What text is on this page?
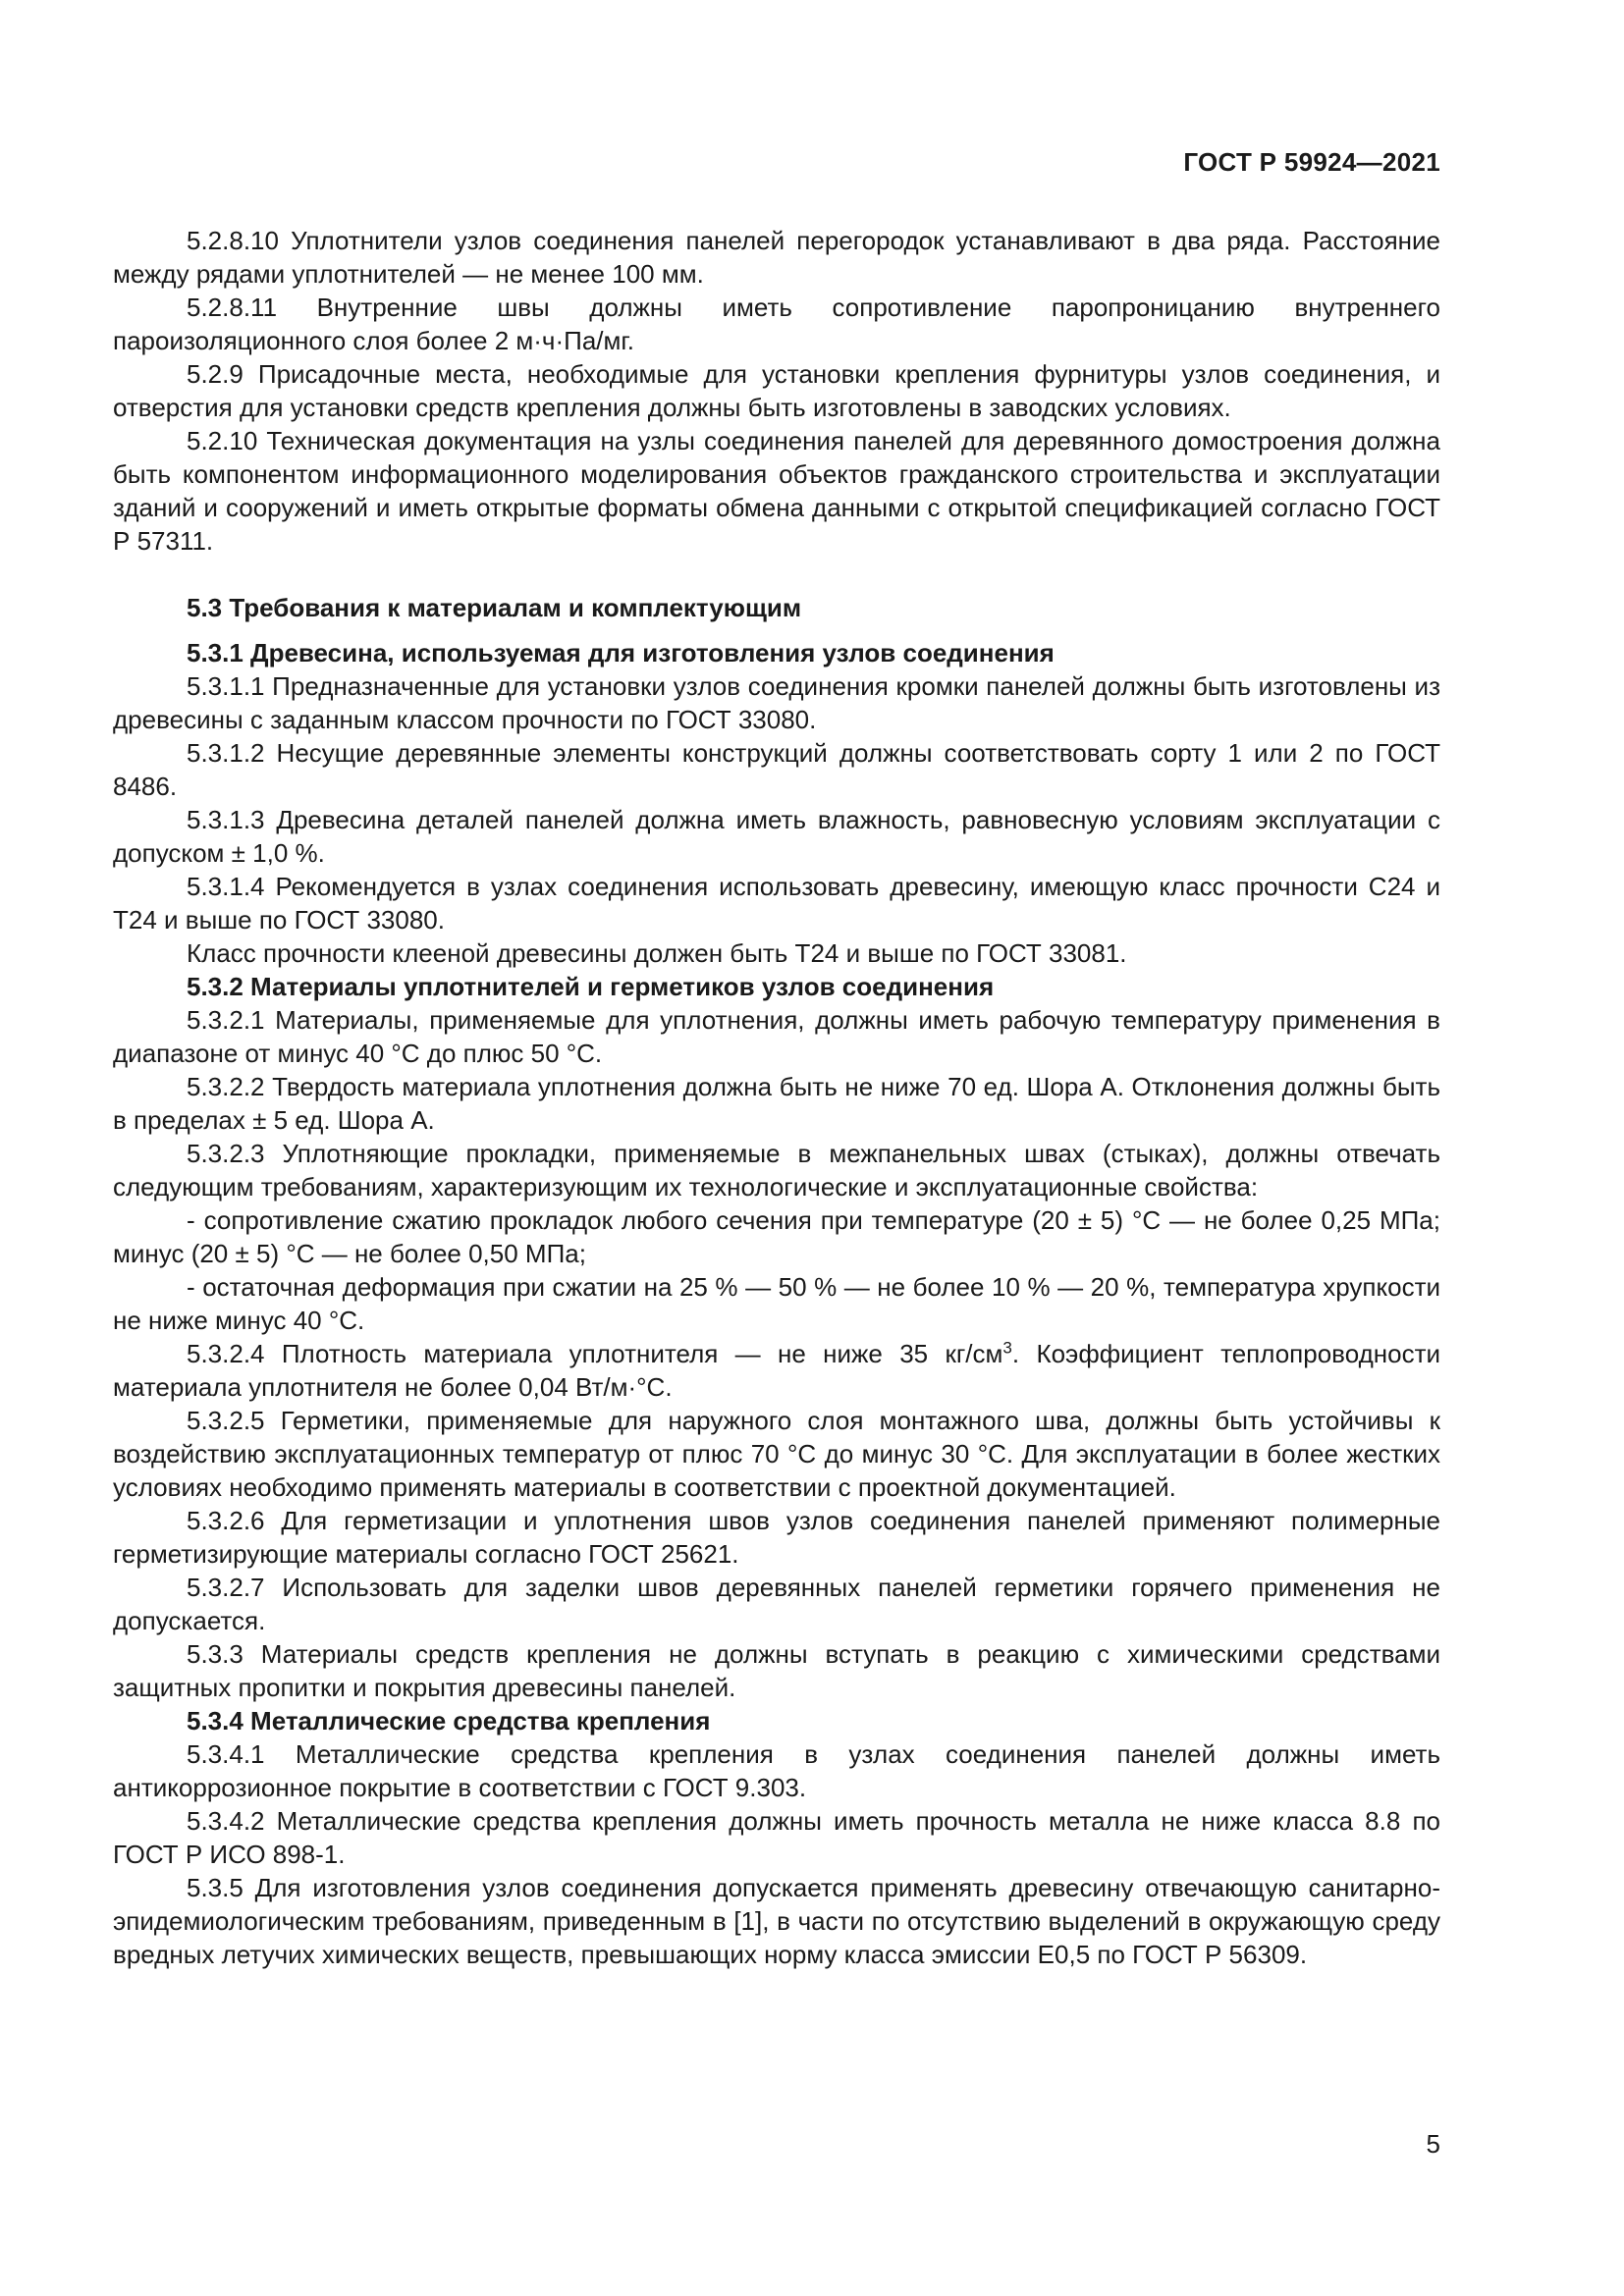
ГОСТ Р 59924—2021

5.2.8.10 Уплотнители узлов соединения панелей перегородок устанавливают в два ряда. Расстояние между рядами уплотнителей — не менее 100 мм.

5.2.8.11 Внутренние швы должны иметь сопротивление паропроницанию внутреннего пароизоляционного слоя более 2 м·ч·Па/мг.

5.2.9 Присадочные места, необходимые для установки крепления фурнитуры узлов соединения, и отверстия для установки средств крепления должны быть изготовлены в заводских условиях.

5.2.10 Техническая документация на узлы соединения панелей для деревянного домостроения должна быть компонентом информационного моделирования объектов гражданского строительства и эксплуатации зданий и сооружений и иметь открытые форматы обмена данными с открытой спецификацией согласно ГОСТ Р 57311.

5.3 Требования к материалам и комплектующим

5.3.1 Древесина, используемая для изготовления узлов соединения

5.3.1.1 Предназначенные для установки узлов соединения кромки панелей должны быть изготовлены из древесины с заданным классом прочности по ГОСТ 33080.

5.3.1.2 Несущие деревянные элементы конструкций должны соответствовать сорту 1 или 2 по ГОСТ 8486.

5.3.1.3 Древесина деталей панелей должна иметь влажность, равновесную условиям эксплуатации с допуском ± 1,0 %.

5.3.1.4 Рекомендуется в узлах соединения использовать древесину, имеющую класс прочности С24 и Т24 и выше по ГОСТ 33080.

Класс прочности клееной древесины должен быть Т24 и выше по ГОСТ 33081.

5.3.2 Материалы уплотнителей и герметиков узлов соединения

5.3.2.1 Материалы, применяемые для уплотнения, должны иметь рабочую температуру применения в диапазоне от минус 40 °С до плюс 50 °С.

5.3.2.2 Твердость материала уплотнения должна быть не ниже 70 ед. Шора А. Отклонения должны быть в пределах ± 5 ед. Шора А.

5.3.2.3 Уплотняющие прокладки, применяемые в межпанельных швах (стыках), должны отвечать следующим требованиям, характеризующим их технологические и эксплуатационные свойства:

- сопротивление сжатию прокладок любого сечения при температуре (20 ± 5) °С — не более 0,25 МПа; минус (20 ± 5) °С — не более 0,50 МПа;

- остаточная деформация при сжатии на 25 % — 50 % — не более 10 % — 20 %, температура хрупкости не ниже минус 40 °С.

5.3.2.4 Плотность материала уплотнителя — не ниже 35 $кг/см^3$. Коэффициент теплопроводности материала уплотнителя не более 0,04 Вт/м·°С.

5.3.2.5 Герметики, применяемые для наружного слоя монтажного шва, должны быть устойчивы к воздействию эксплуатационных температур от плюс 70 °С до минус 30 °С. Для эксплуатации в более жестких условиях необходимо применять материалы в соответствии с проектной документацией.

5.3.2.6 Для герметизации и уплотнения швов узлов соединения панелей применяют полимерные герметизирующие материалы согласно ГОСТ 25621.

5.3.2.7 Использовать для заделки швов деревянных панелей герметики горячего применения не допускается.

5.3.3 Материалы средств крепления не должны вступать в реакцию с химическими средствами защитных пропитки и покрытия древесины панелей.

5.3.4 Металлические средства крепления

5.3.4.1 Металлические средства крепления в узлах соединения панелей должны иметь антикоррозионное покрытие в соответствии с ГОСТ 9.303.

5.3.4.2 Металлические средства крепления должны иметь прочность металла не ниже класса 8.8 по ГОСТ Р ИСО 898-1.

5.3.5 Для изготовления узлов соединения допускается применять древесину отвечающую санитарно-эпидемиологическим требованиям, приведенным в [1], в части по отсутствию выделений в окружающую среду вредных летучих химических веществ, превышающих норму класса эмиссии Е0,5 по ГОСТ Р 56309.

5
